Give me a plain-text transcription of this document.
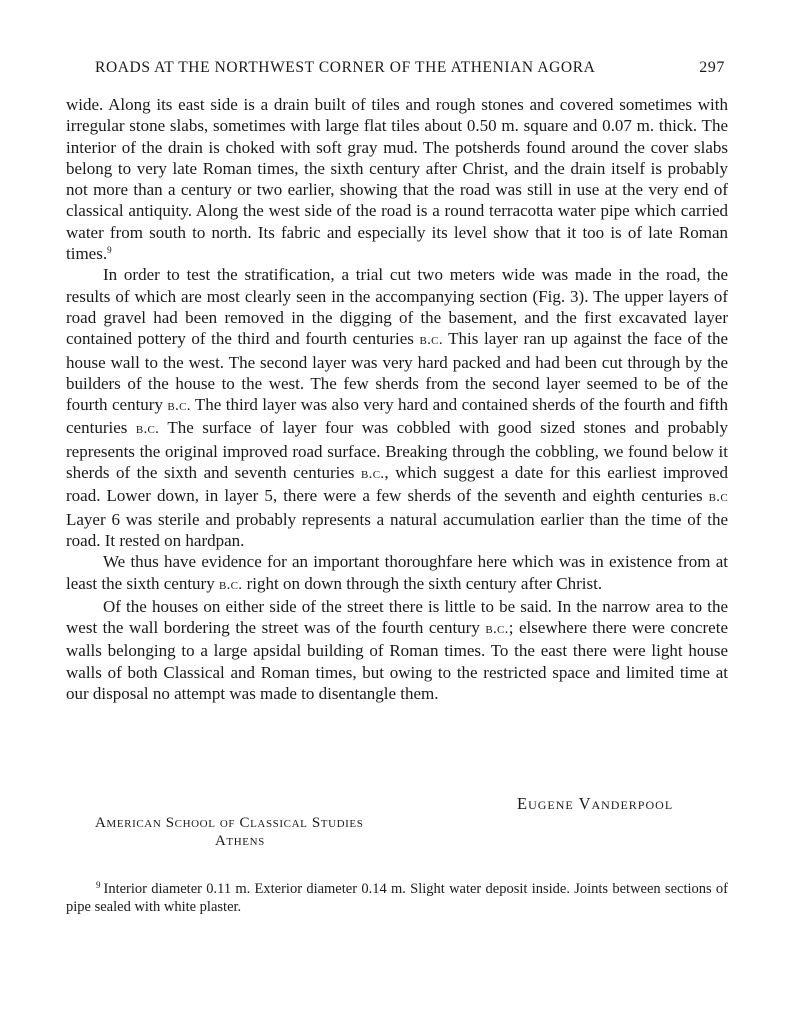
ROADS AT THE NORTHWEST CORNER OF THE ATHENIAN AGORA	297

wide. Along its east side is a drain built of tiles and rough stones and covered sometimes with irregular stone slabs, sometimes with large flat tiles about 0.50 m. square and 0.07 m. thick. The interior of the drain is choked with soft gray mud. The potsherds found around the cover slabs belong to very late Roman times, the sixth century after Christ, and the drain itself is probably not more than a century or two earlier, showing that the road was still in use at the very end of classical antiquity. Along the west side of the road is a round terracotta water pipe which carried water from south to north. Its fabric and especially its level show that it too is of late Roman times.$^9$

In order to test the stratification, a trial cut two meters wide was made in the road, the results of which are most clearly seen in the accompanying section (Fig. 3). The upper layers of road gravel had been removed in the digging of the basement, and the first excavated layer contained pottery of the third and fourth centuries b.c. This layer ran up against the face of the house wall to the west. The second layer was very hard packed and had been cut through by the builders of the house to the west. The few sherds from the second layer seemed to be of the fourth century b.c. The third layer was also very hard and contained sherds of the fourth and fifth centuries b.c. The surface of layer four was cobbled with good sized stones and probably represents the original improved road surface. Breaking through the cobbling, we found below it sherds of the sixth and seventh centuries b.c., which suggest a date for this earliest improved road. Lower down, in layer 5, there were a few sherds of the seventh and eighth centuries b.c Layer 6 was sterile and probably represents a natural accumulation earlier than the time of the road. It rested on hardpan.

We thus have evidence for an important thoroughfare here which was in existence from at least the sixth century b.c. right on down through the sixth century after Christ.

Of the houses on either side of the street there is little to be said. In the narrow area to the west the wall bordering the street was of the fourth century b.c.; elsewhere there were concrete walls belonging to a large apsidal building of Roman times. To the east there were light house walls of both Classical and Roman times, but owing to the restricted space and limited time at our disposal no attempt was made to disentangle them.

Eugene Vanderpool
American School of Classical Studies
Athens

$^9$ Interior diameter 0.11 m. Exterior diameter 0.14 m. Slight water deposit inside. Joints between sections of pipe sealed with white plaster.
